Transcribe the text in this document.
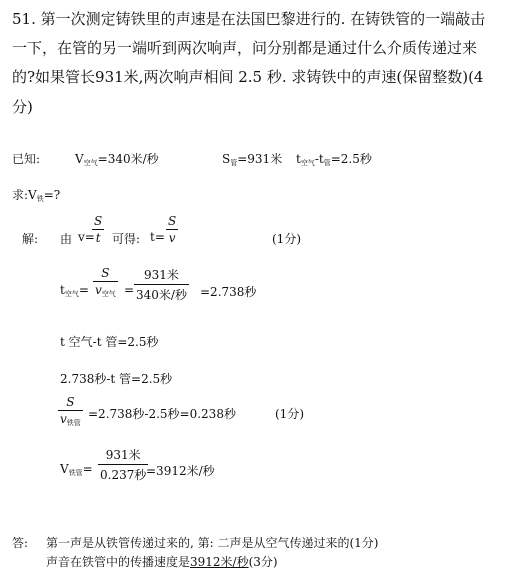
51. 第一次测定铸铁里的声速是在法国巴黎进行的. 在铸铁管的一端敲击
一下，在管的另一端听到两次响声，问分别都是通过什么介质传递过来
的?如果管长931米,两次响声相间 2.5 秒. 求铸铁中的声速(保留整数)(4
分)
已知:	$V_{空气}=340$米/秒	$S_管=931$米 $t_{空气}-t_管=2.5$秒
求$:V_铁=$?
解: 由 v=
$\frac{S}{t}$ 可得: $t= \frac{S}{v}$	(1分)
$t_{空气}=$
S
$v_{空气}$ =
931米
340米/秒 =2.738秒
t 空气-t 管=2.5秒
2.738秒-t 管=2.5秒
S
$v_{铁管}$
=2.738秒-2.5秒=0.238秒	(1分)
$V_{铁管}=$
931米
0.237秒 =3912米/秒
答: 第一声是从铁管传递过来的, 第: 二声是从空气传递过来的(1分)
声音在铁管中的传播速度是3912米/秒(3分)
